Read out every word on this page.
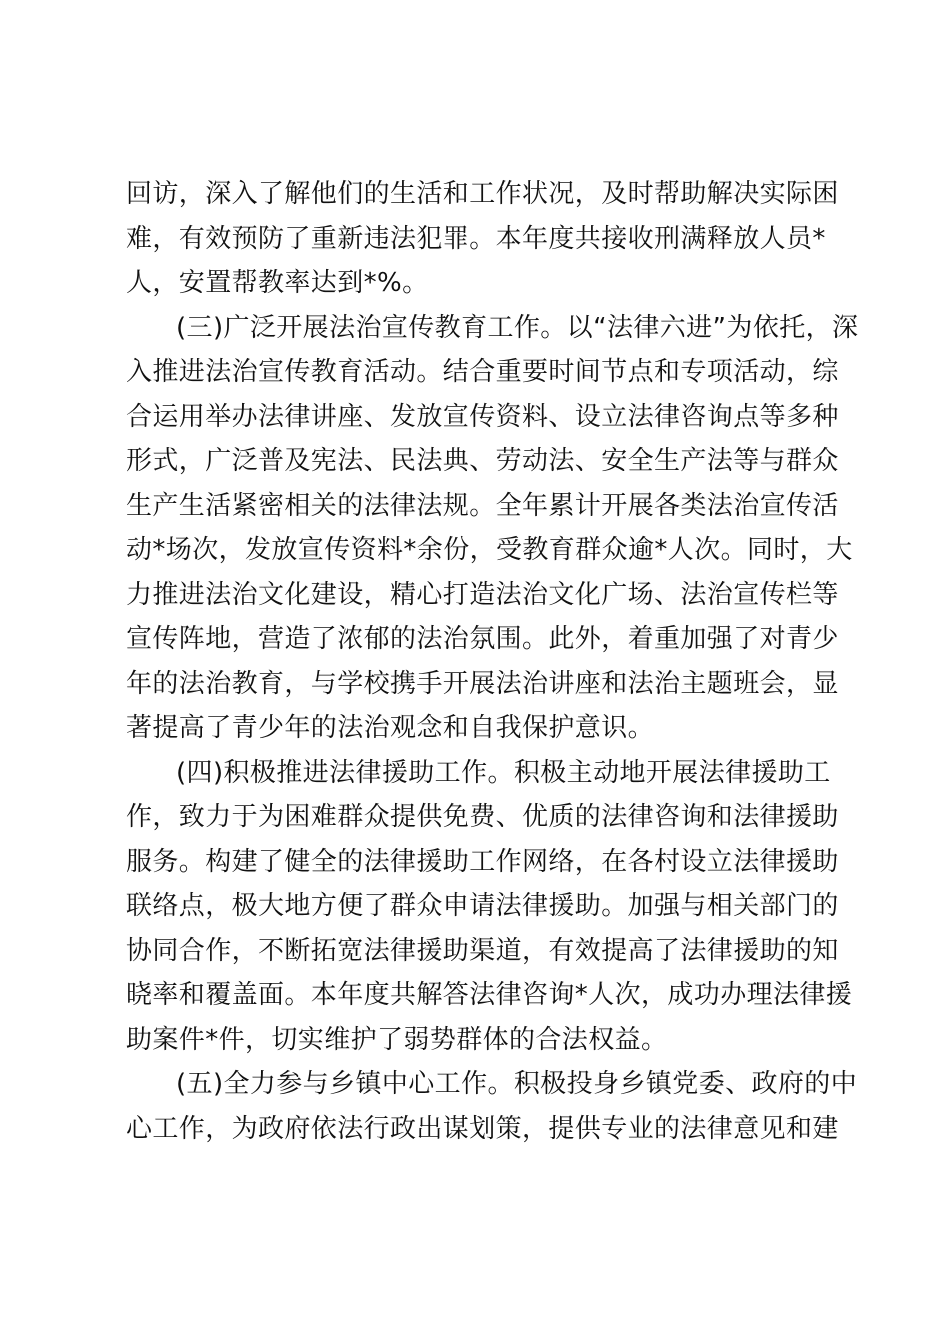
回访，深入了解他们的生活和工作状况，及时帮助解决实际困
难，有效预防了重新违法犯罪。本年度共接收刑满释放人员*
人，安置帮教率达到*%。
(三)广泛开展法治宣传教育工作。以“法律六进”为依托，深
入推进法治宣传教育活动。结合重要时间节点和专项活动，综
合运用举办法律讲座、发放宣传资料、设立法律咨询点等多种
形式，广泛普及宪法、民法典、劳动法、安全生产法等与群众
生产生活紧密相关的法律法规。全年累计开展各类法治宣传活
动*场次，发放宣传资料*余份，受教育群众逾*人次。同时，大
力推进法治文化建设，精心打造法治文化广场、法治宣传栏等
宣传阵地，营造了浓郁的法治氛围。此外，着重加强了对青少
年的法治教育，与学校携手开展法治讲座和法治主题班会，显
著提高了青少年的法治观念和自我保护意识。
(四)积极推进法律援助工作。积极主动地开展法律援助工
作，致力于为困难群众提供免费、优质的法律咨询和法律援助
服务。构建了健全的法律援助工作网络，在各村设立法律援助
联络点，极大地方便了群众申请法律援助。加强与相关部门的
协同合作，不断拓宽法律援助渠道，有效提高了法律援助的知
晓率和覆盖面。本年度共解答法律咨询*人次，成功办理法律援
助案件*件，切实维护了弱势群体的合法权益。
(五)全力参与乡镇中心工作。积极投身乡镇党委、政府的中
心工作，为政府依法行政出谋划策，提供专业的法律意见和建
